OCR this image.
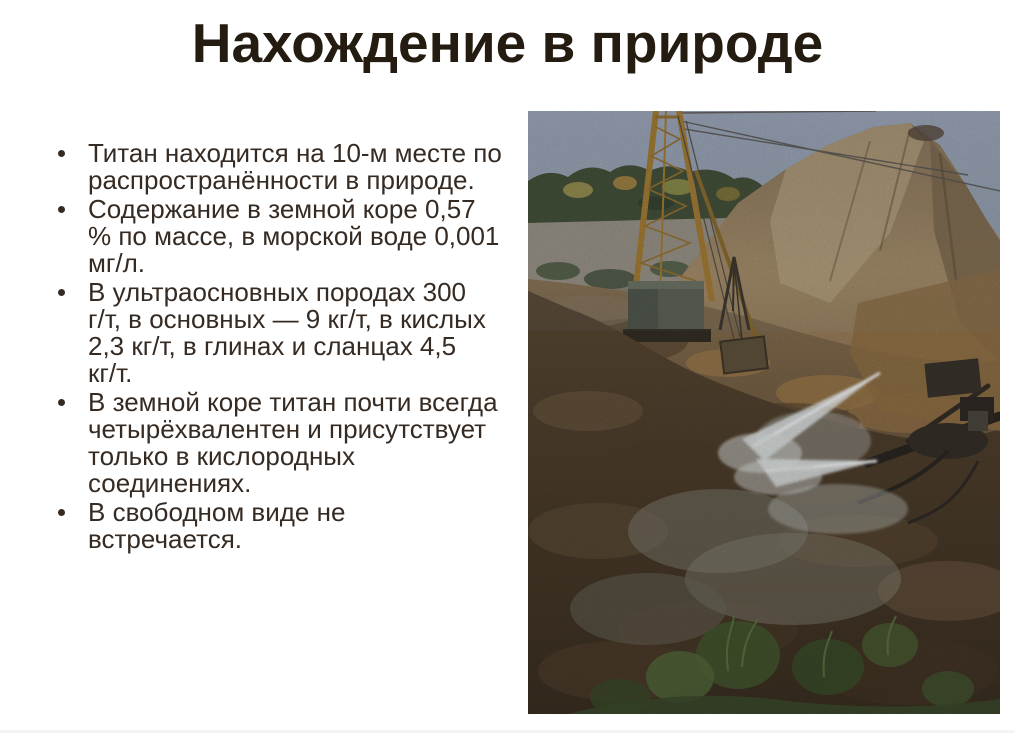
Нахождение в природе
Титан находится на 10-м месте по
распространённости в природе.
Содержание в земной коре 0,57
% по массе, в морской воде 0,001
мг/л.
В ультраосновных породах 300
г/т, в основных — 9 кг/т, в кислых
2,3 кг/т, в глинах и сланцах 4,5
кг/т.
В земной коре титан почти всегда
четырёхвалентен и присутствует
только в кислородных
соединениях.
В свободном виде не
встречается.
